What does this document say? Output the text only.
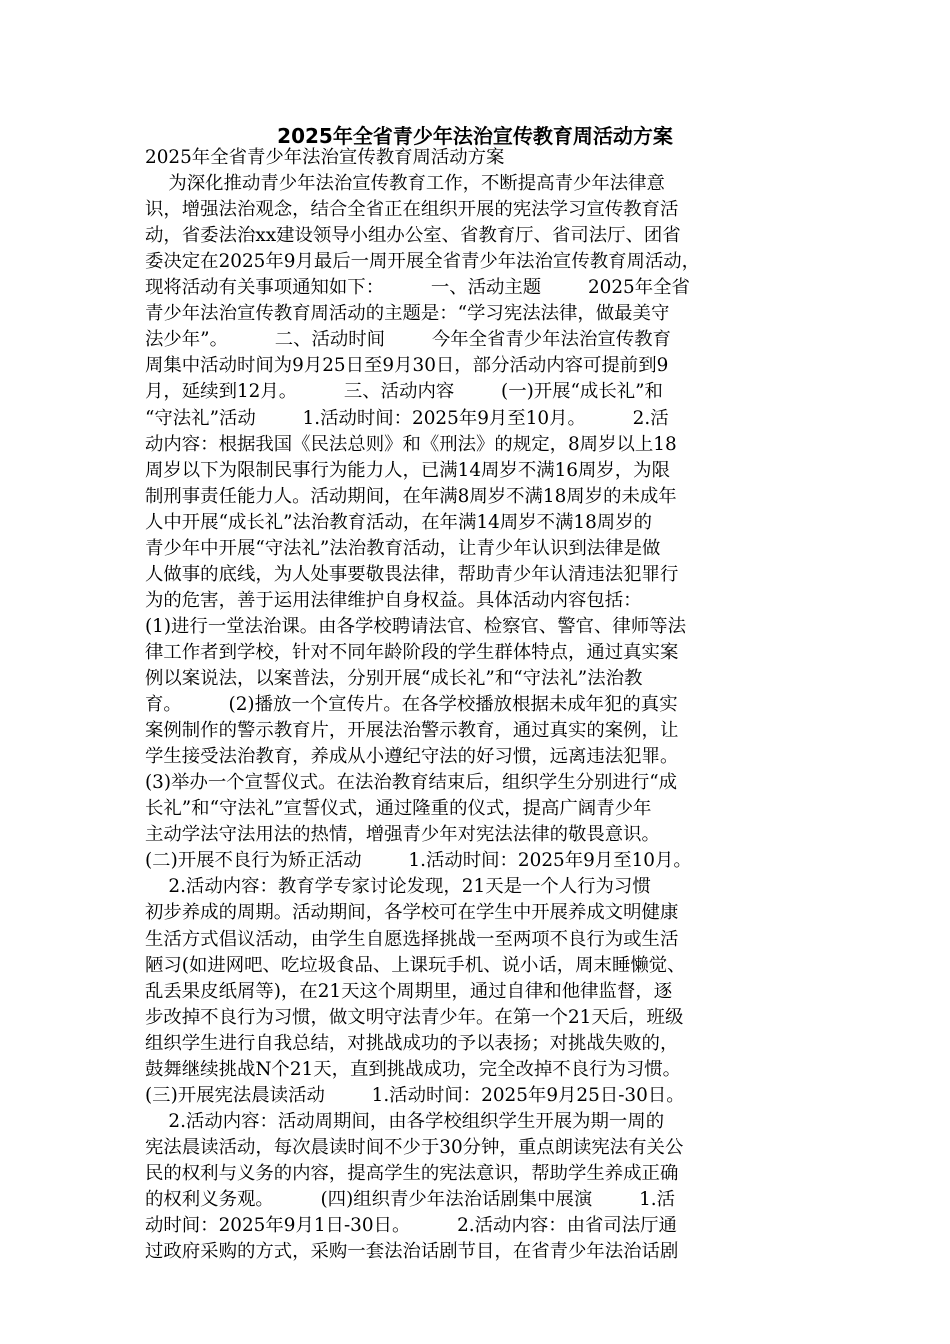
2025年全省青少年法治宣传教育周活动方案
2025年全省青少年法治宣传教育周活动方案
为深化推动青少年法治宣传教育工作，不断提高青少年法律意
识，增强法治观念，结合全省正在组织开展的宪法学习宣传教育活
动，省委法治xx建设领导小组办公室、省教育厅、省司法厅、团省
委决定在2025年9月最后一周开展全省青少年法治宣传教育周活动，
现将活动有关事项通知如下：        一、活动主题        2025年全省
青少年法治宣传教育周活动的主题是：“学习宪法法律，做最美守
法少年”。        二、活动时间        今年全省青少年法治宣传教育
周集中活动时间为9月25日至9月30日，部分活动内容可提前到9
月，延续到12月。        三、活动内容        (一)开展“成长礼”和
“守法礼”活动        1.活动时间：2025年9月至10月。        2.活
动内容：根据我国《民法总则》和《刑法》的规定，8周岁以上18
周岁以下为限制民事行为能力人，已满14周岁不满16周岁，为限
制刑事责任能力人。活动期间，在年满8周岁不满18周岁的未成年
人中开展“成长礼”法治教育活动，在年满14周岁不满18周岁的
青少年中开展“守法礼”法治教育活动，让青少年认识到法律是做
人做事的底线，为人处事要敬畏法律，帮助青少年认清违法犯罪行
为的危害，善于运用法律维护自身权益。具体活动内容包括：
(1)进行一堂法治课。由各学校聘请法官、检察官、警官、律师等法
律工作者到学校，针对不同年龄阶段的学生群体特点，通过真实案
例以案说法，以案普法，分别开展“成长礼”和“守法礼”法治教
育。        (2)播放一个宣传片。在各学校播放根据未成年犯的真实
案例制作的警示教育片，开展法治警示教育，通过真实的案例，让
学生接受法治教育，养成从小遵纪守法的好习惯，远离违法犯罪。
(3)举办一个宣誓仪式。在法治教育结束后，组织学生分别进行“成
长礼”和“守法礼”宣誓仪式，通过隆重的仪式，提高广阔青少年
主动学法守法用法的热情，增强青少年对宪法法律的敬畏意识。
(二)开展不良行为矫正活动        1.活动时间：2025年9月至10月。
2.活动内容：教育学专家讨论发现，21天是一个人行为习惯
初步养成的周期。活动期间，各学校可在学生中开展养成文明健康
生活方式倡议活动，由学生自愿选择挑战一至两项不良行为或生活
陋习(如进网吧、吃垃圾食品、上课玩手机、说小话，周末睡懒觉、
乱丢果皮纸屑等)，在21天这个周期里，通过自律和他律监督，逐
步改掉不良行为习惯，做文明守法青少年。在第一个21天后，班级
组织学生进行自我总结，对挑战成功的予以表扬；对挑战失败的，
鼓舞继续挑战N个21天，直到挑战成功，完全改掉不良行为习惯。
(三)开展宪法晨读活动        1.活动时间：2025年9月25日-30日。
2.活动内容：活动周期间，由各学校组织学生开展为期一周的
宪法晨读活动，每次晨读时间不少于30分钟，重点朗读宪法有关公
民的权利与义务的内容，提高学生的宪法意识，帮助学生养成正确
的权利义务观。        (四)组织青少年法治话剧集中展演        1.活
动时间：2025年9月1日-30日。        2.活动内容：由省司法厅通
过政府采购的方式，采购一套法治话剧节目，在省青少年法治话剧
